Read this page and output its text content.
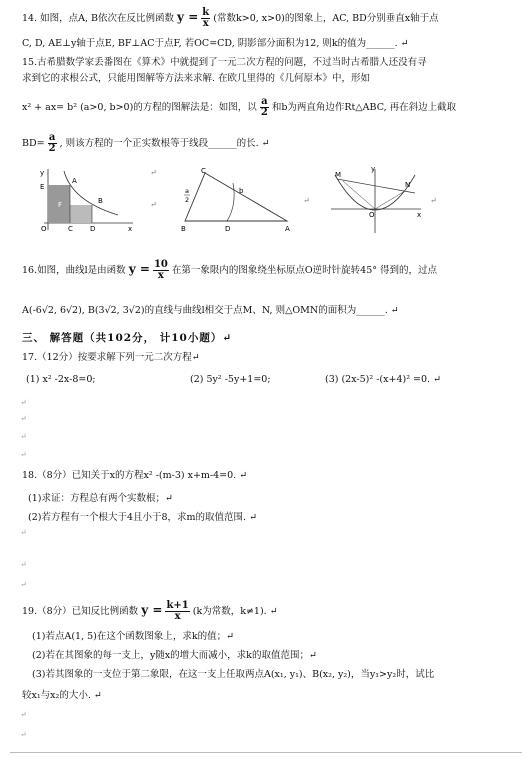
14. 如图，点A, B依次在反比例函数 $y = \frac{k}{x}$ (常数k>0, x>0)的图象上，AC, BD分别垂直x轴于点
C, D, AE⊥y轴于点E, BF⊥AC于点F, 若OC=CD, 阴影部分面积为12, 则k的值为______. ↵
15.古希腊数学家丢番图在《算术》中就提到了一元二次方程的问题，不过当时古希腊人还没有寻
求到它的求根公式，只能用图解等方法来求解. 在欧几里得的《几何原本》中，形如
x² + ax= b² (a>0, b>0)的方程的图解法是：如图，以 $\frac{a}{2}$ 和b为两直角边作Rt△ABC, 再在斜边上截取
$BD= \frac{a}{2}$ , 则该方程的一个正实数根等于线段______的长. ↵
y
B
A
E
F
O	C D	x
↵
↵
C
a
2
b
B	D	A
↵
y
M
N
O	x
↵
16.如图，曲线l是由函数 $y = \frac{10}{x}$ 在第一象限内的图象绕坐标原点O逆时针旋转45° 得到的，过点
A(-6√2, 6√2), B(3√2, 3√2)的直线与曲线l相交于点M、N, 则△OMN的面积为______. ↵
三、 解答题（共102分， 计10小题）↵
17.（12分）按要求解下列一元二次方程↵
(1) x² -2x-8=0;	(2) 5y² -5y+1=0;	(3) (2x-5)² -(x+4)² =0. ↵
↵
↵
↵
↵
18.（8分）已知关于x的方程x² -(m-3) x+m-4=0. ↵
(1)求证：方程总有两个实数根；↵
(2)若方程有一个根大于4且小于8，求m的取值范围. ↵
↵
↵
↵
19.（8分）已知反比例函数 $y = \frac{k+1}{x} (k$为常数，k≠1). ↵
(1)若点A(1, 5)在这个函数图象上，求k的值；↵
(2)若在其图象的每一支上，y随x的增大而减小，求k的取值范围；↵
(3)若其图象的一支位于第二象限，在这一支上任取两点A(x₁, y₁)、B(x₂, y₂)，当y₁>y₂时，试比
较x₁与x₂的大小. ↵
↵
↵
